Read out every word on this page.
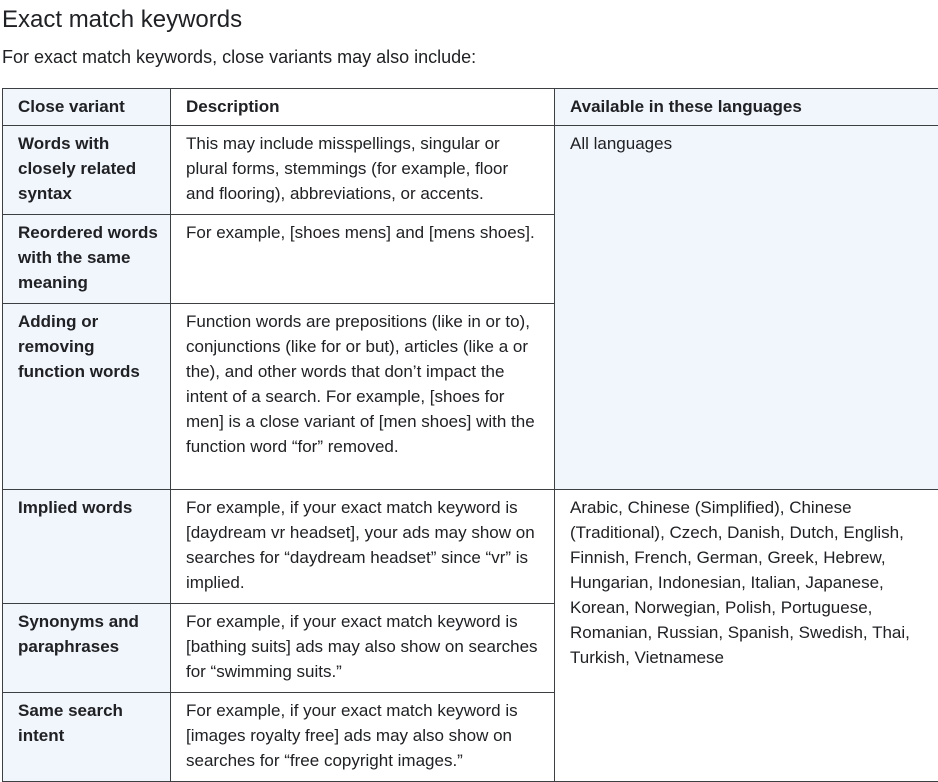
Exact match keywords

For exact match keywords, close variants may also include:

Close variant	Description	Available in these languages
Words with closely related syntax	This may include misspellings, singular or plural forms, stemmings (for example, floor and flooring), abbreviations, or accents.	All languages
Reordered words with the same meaning	For example, [shoes mens] and [mens shoes].	
Adding or removing function words	Function words are prepositions (like in or to), conjunctions (like for or but), articles (like a or the), and other words that don’t impact the intent of a search. For example, [shoes for men] is a close variant of [men shoes] with the function word “for” removed.	
Implied words	For example, if your exact match keyword is [daydream vr headset], your ads may show on searches for “daydream headset” since “vr” is implied.	Arabic, Chinese (Simplified), Chinese (Traditional), Czech, Danish, Dutch, English, Finnish, French, German, Greek, Hebrew, Hungarian, Indonesian, Italian, Japanese, Korean, Norwegian, Polish, Portuguese, Romanian, Russian, Spanish, Swedish, Thai, Turkish, Vietnamese
Synonyms and paraphrases	For example, if your exact match keyword is [bathing suits] ads may also show on searches for “swimming suits.”	
Same search intent	For example, if your exact match keyword is [images royalty free] ads may also show on searches for “free copyright images.”	
